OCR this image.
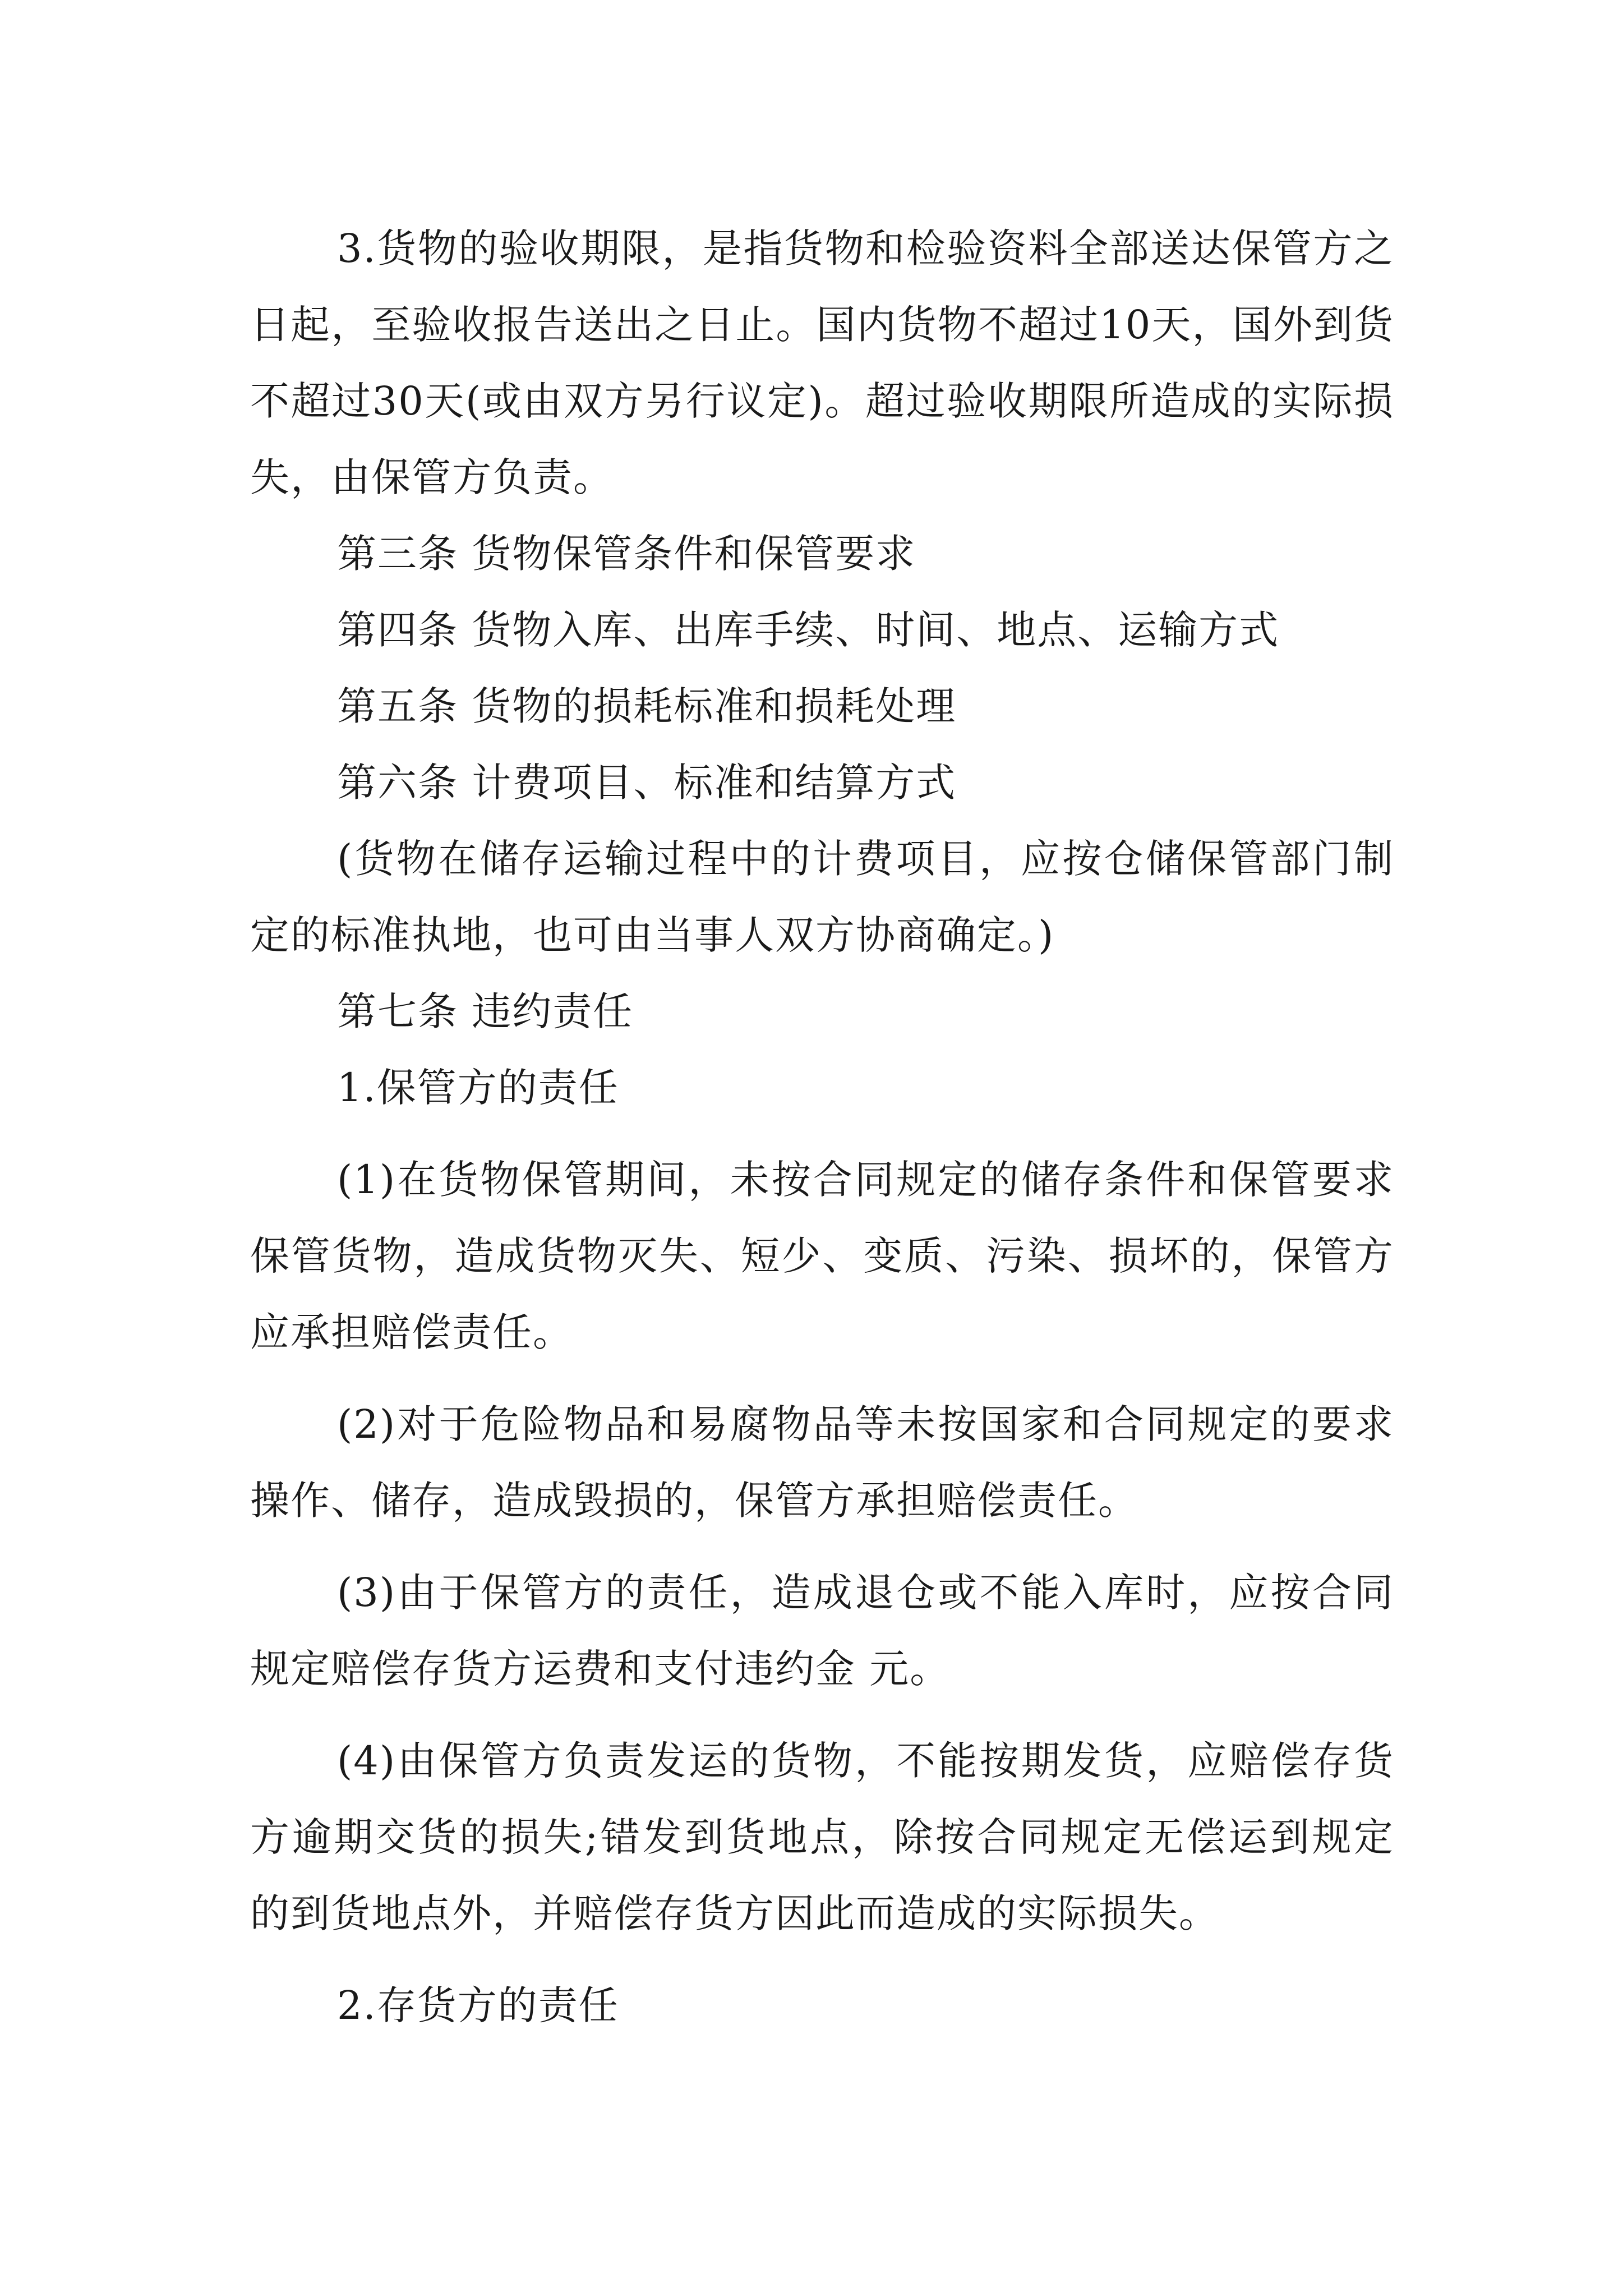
3.货物的验收期限，是指货物和检验资料全部送达保管方之日起，至验收报告送出之日止。国内货物不超过10天，国外到货不超过30天(或由双方另行议定)。超过验收期限所造成的实际损失，由保管方负责。

第三条 货物保管条件和保管要求

第四条 货物入库、出库手续、时间、地点、运输方式

第五条 货物的损耗标准和损耗处理

第六条 计费项目、标准和结算方式

(货物在储存运输过程中的计费项目，应按仓储保管部门制定的标准执地，也可由当事人双方协商确定。)

第七条 违约责任

1.保管方的责任

(1)在货物保管期间，未按合同规定的储存条件和保管要求保管货物，造成货物灭失、短少、变质、污染、损坏的，保管方应承担赔偿责任。

(2)对于危险物品和易腐物品等未按国家和合同规定的要求操作、储存，造成毁损的，保管方承担赔偿责任。

(3)由于保管方的责任，造成退仓或不能入库时，应按合同规定赔偿存货方运费和支付违约金 元。

(4)由保管方负责发运的货物，不能按期发货，应赔偿存货方逾期交货的损失;错发到货地点，除按合同规定无偿运到规定的到货地点外，并赔偿存货方因此而造成的实际损失。

2.存货方的责任
